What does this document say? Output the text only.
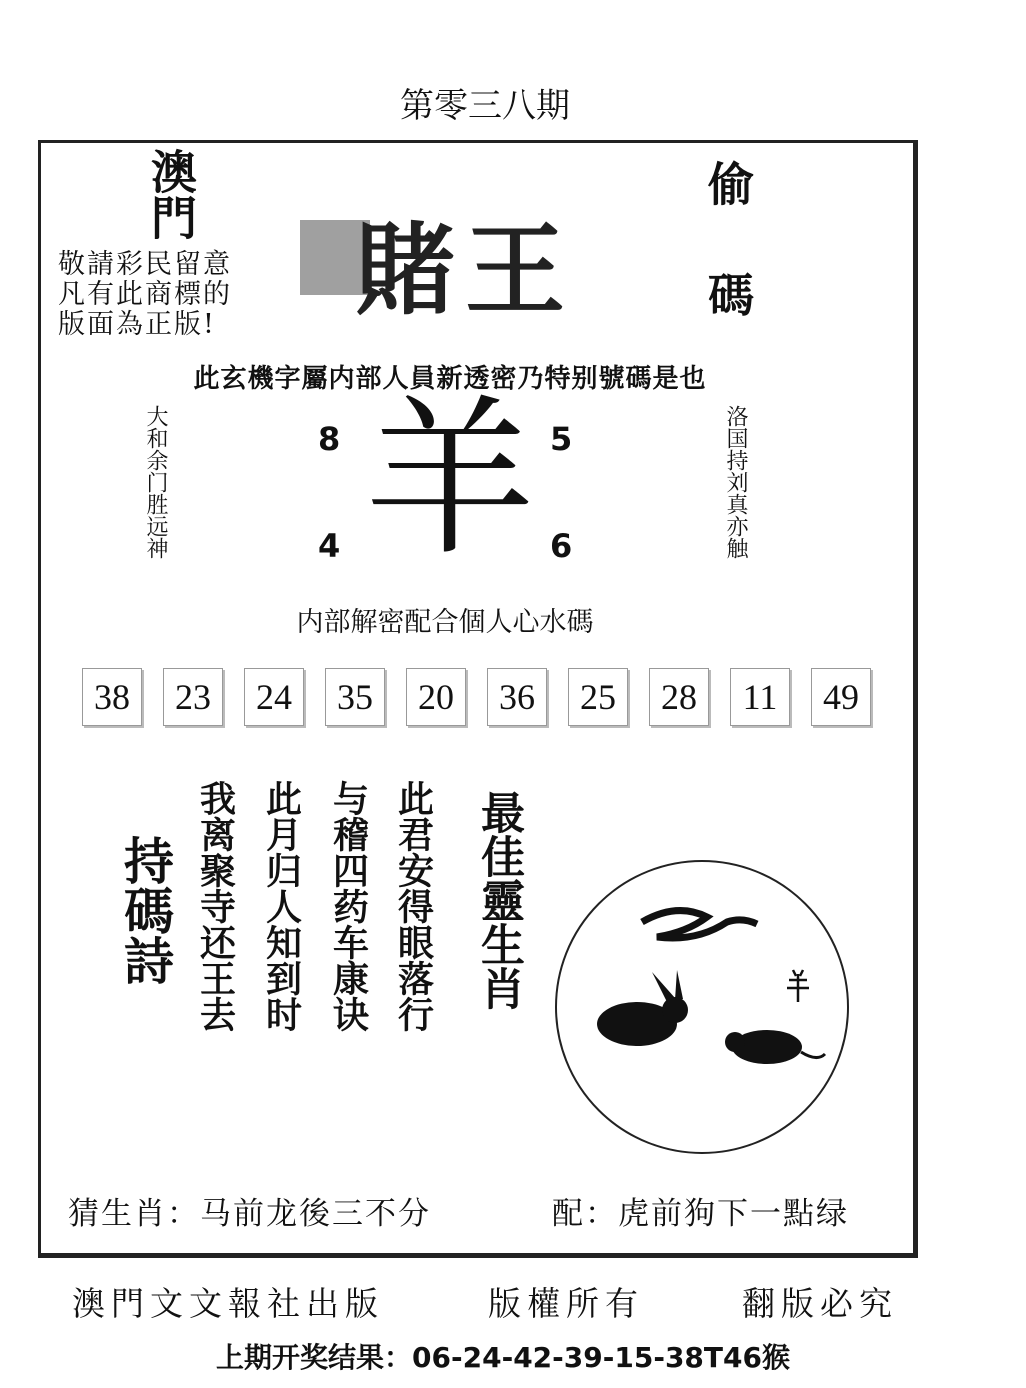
第零三八期
澳門	偷碼
敬請彩民留意
凡有此商標的
版面為正版! 賭王
此玄機字屬内部人員新透密乃特别號碼是也
大和余门胜远神	洛国持刘真亦触
8	5
4	6
羊
内部解密配合個人心水碼
38	23	24	35	20	36	25	28	11	49
持碼詩	此君安得眼落行
与稽四药车康诀
此月归人知到时
我离聚寺还王去	最佳靈生肖
猜生肖：马前龙後三不分	配：虎前狗下一點绿
澳門文文報社出版	版權所有	翻版必究
上期开奖结果：06-24-42-39-15-38T46猴
